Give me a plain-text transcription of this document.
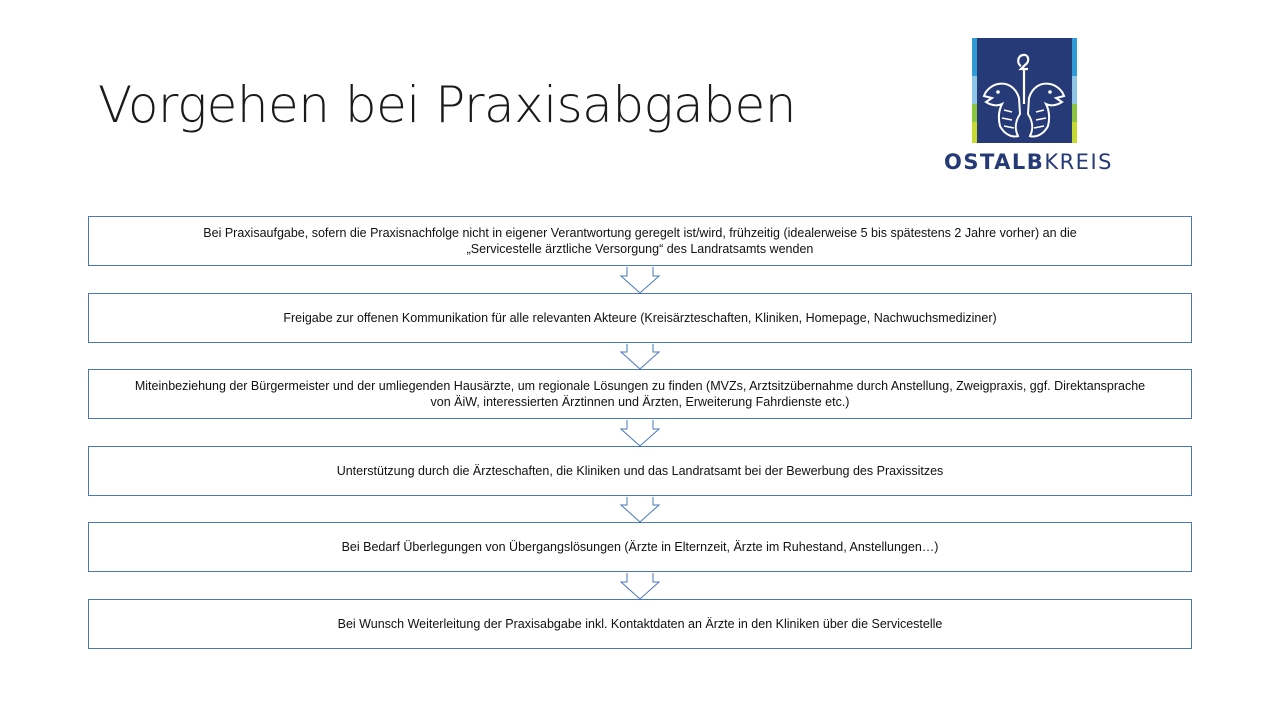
Vorgehen bei Praxisabgaben
OSTALBKREIS
Bei Praxisaufgabe, sofern die Praxisnachfolge nicht in eigener Verantwortung geregelt ist/wird, frühzeitig (idealerweise 5 bis spätestens 2 Jahre vorher) an die
„Servicestelle ärztliche Versorgung“ des Landratsamts wenden
Freigabe zur offenen Kommunikation für alle relevanten Akteure (Kreisärzteschaften, Kliniken, Homepage, Nachwuchsmediziner)
Miteinbeziehung der Bürgermeister und der umliegenden Hausärzte, um regionale Lösungen zu finden (MVZs, Arztsitzübernahme durch Anstellung, Zweigpraxis, ggf. Direktansprache
von ÄiW, interessierten Ärztinnen und Ärzten, Erweiterung Fahrdienste etc.)
Unterstützung durch die Ärzteschaften, die Kliniken und das Landratsamt bei der Bewerbung des Praxissitzes
Bei Bedarf Überlegungen von Übergangslösungen (Ärzte in Elternzeit, Ärzte im Ruhestand, Anstellungen…)
Bei Wunsch Weiterleitung der Praxisabgabe inkl. Kontaktdaten an Ärzte in den Kliniken über die Servicestelle
